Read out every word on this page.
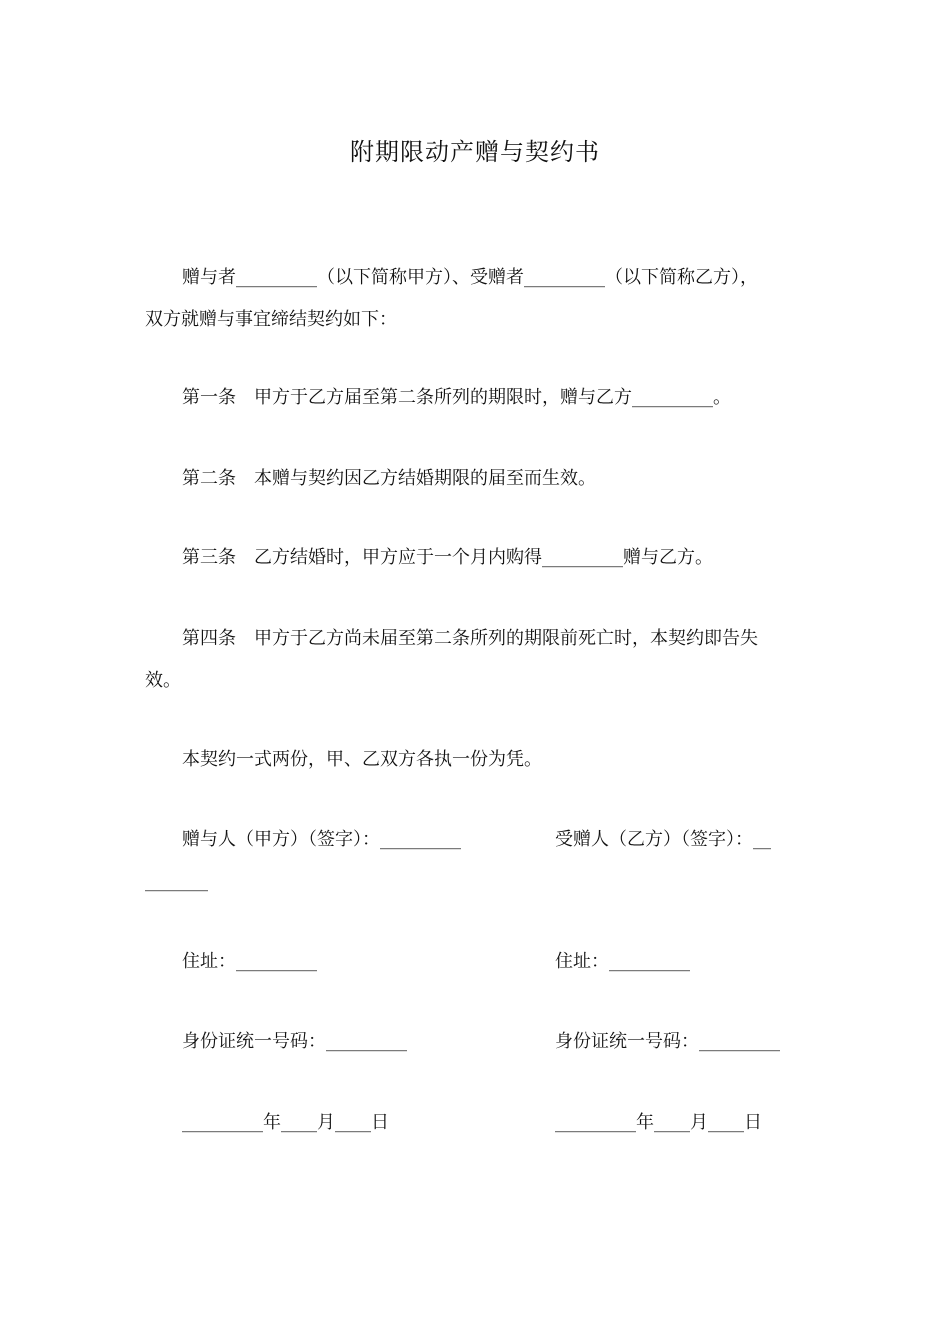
附期限动产赠与契约书
赠与者_________（以下简称甲方）、受赠者_________（以下简称乙方），
双方就赠与事宜缔结契约如下：
第一条　甲方于乙方届至第二条所列的期限时，赠与乙方_________。
第二条　本赠与契约因乙方结婚期限的届至而生效。
第三条　乙方结婚时，甲方应于一个月内购得_________赠与乙方。
第四条　甲方于乙方尚未届至第二条所列的期限前死亡时，本契约即告失
效。
本契约一式两份，甲、乙双方各执一份为凭。
赠与人（甲方）（签字）：_________
住址：_________
身份证统一号码：_________
_________年____月____日
受赠人（乙方）（签字）：__
_______
住址：_________
身份证统一号码：_________
_________年____月____日
